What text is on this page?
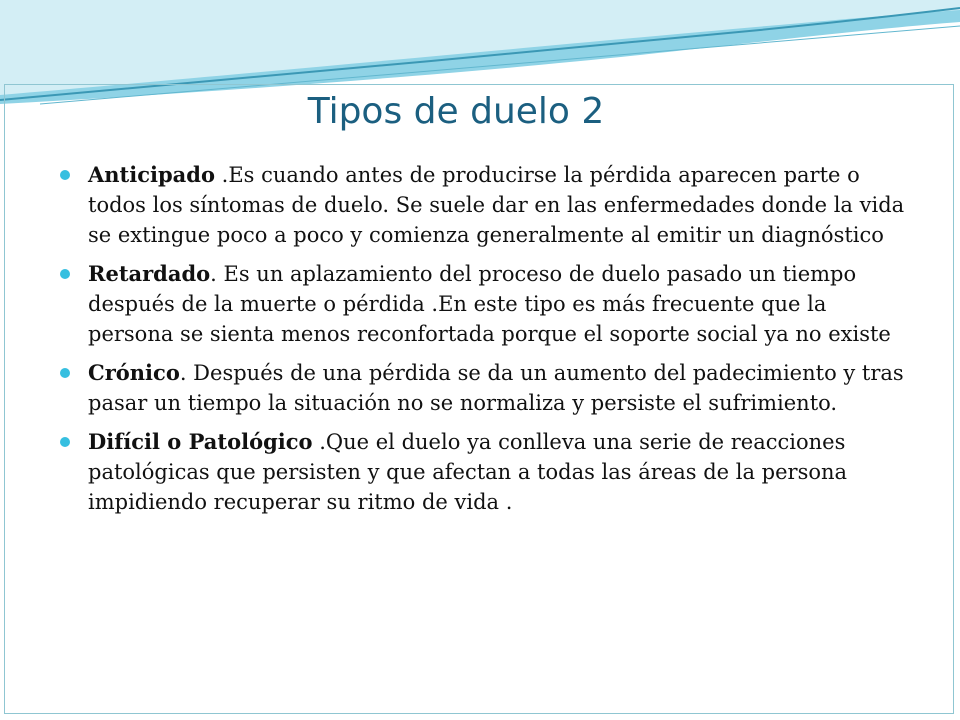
Tipos de duelo 2
Anticipado .Es cuando antes de producirse la pérdida aparecen parte o todos los síntomas de duelo. Se suele dar en las enfermedades donde la vida se extingue poco a poco y comienza generalmente al emitir un diagnóstico
Retardado. Es un aplazamiento del proceso de duelo pasado un tiempo después de la muerte o pérdida .En este tipo es más frecuente que la persona se sienta menos reconfortada porque el soporte social ya no existe
Crónico. Después de una pérdida se da un aumento del padecimiento y tras pasar un tiempo la situación no se normaliza y persiste el sufrimiento.
Difícil o Patológico .Que el duelo ya conlleva una serie de reacciones patológicas que persisten y que afectan a todas las áreas de la persona impidiendo recuperar su ritmo de vida .
